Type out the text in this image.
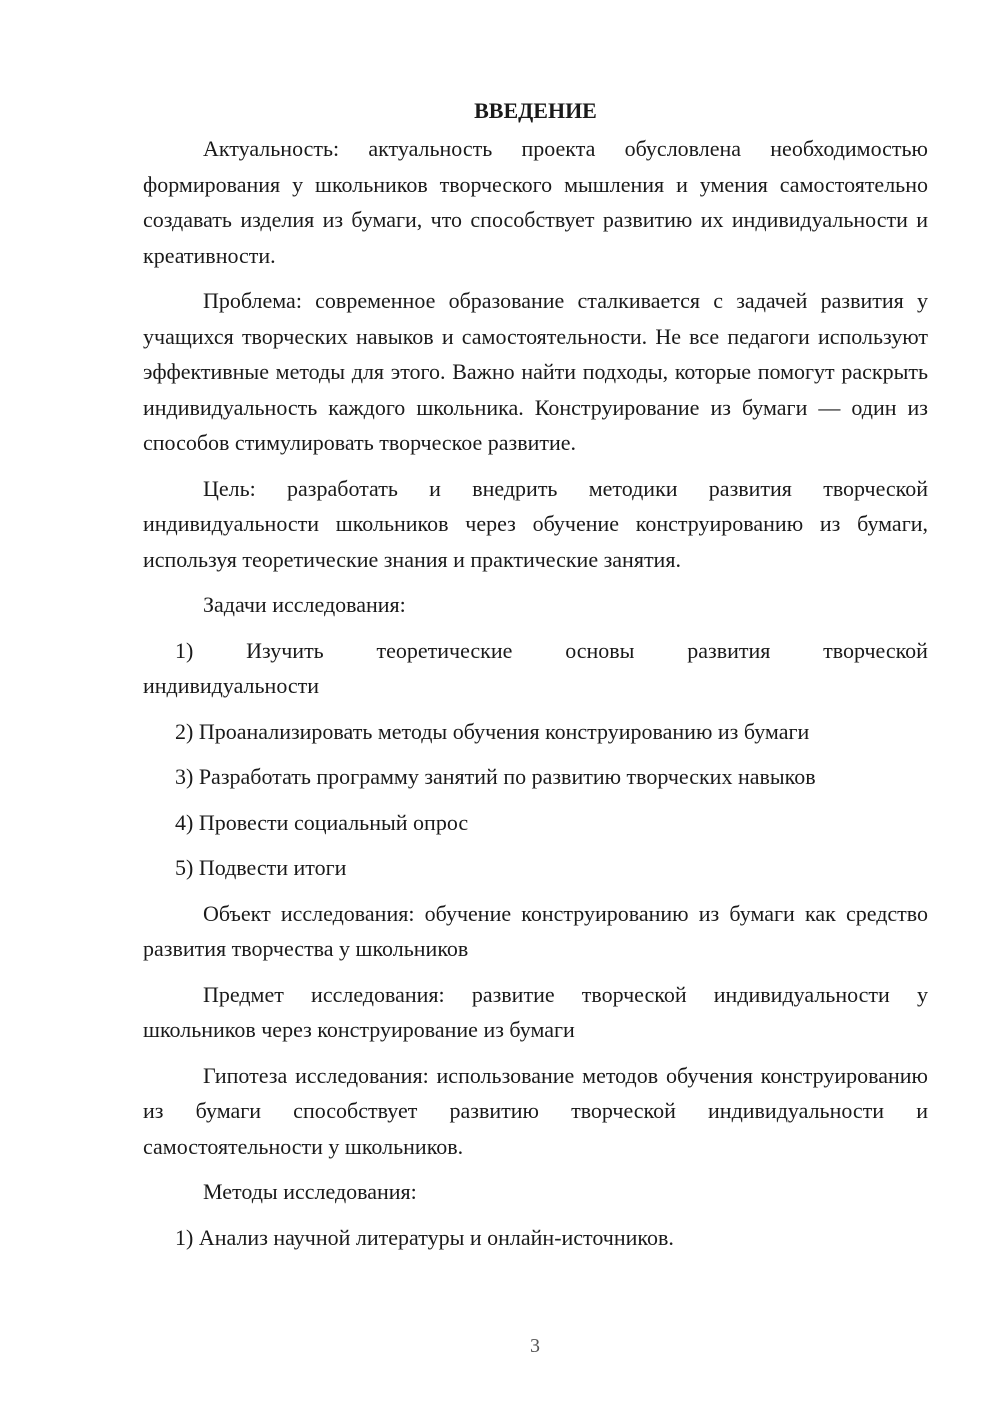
ВВЕДЕНИЕ

Актуальность: актуальность проекта обусловлена необходимостью формирования у школьников творческого мышления и умения самостоятельно создавать изделия из бумаги, что способствует развитию их индивидуальности и креативности.

Проблема: современное образование сталкивается с задачей развития у учащихся творческих навыков и самостоятельности. Не все педагоги используют эффективные методы для этого. Важно найти подходы, которые помогут раскрыть индивидуальность каждого школьника. Конструирование из бумаги — один из способов стимулировать творческое развитие.

Цель: разработать и внедрить методики развития творческой индивидуальности школьников через обучение конструированию из бумаги, используя теоретические знания и практические занятия.

Задачи исследования:

1) Изучить теоретические основы развития творческой
индивидуальности

2) Проанализировать методы обучения конструированию из бумаги

3) Разработать программу занятий по развитию творческих навыков

4) Провести социальный опрос

5) Подвести итоги

Объект исследования: обучение конструированию из бумаги как средство развития творчества у школьников

Предмет исследования: развитие творческой индивидуальности у школьников через конструирование из бумаги

Гипотеза исследования: использование методов обучения конструированию из бумаги способствует развитию творческой индивидуальности и самостоятельности у школьников.

Методы исследования:

1) Анализ научной литературы и онлайн-источников.

3
